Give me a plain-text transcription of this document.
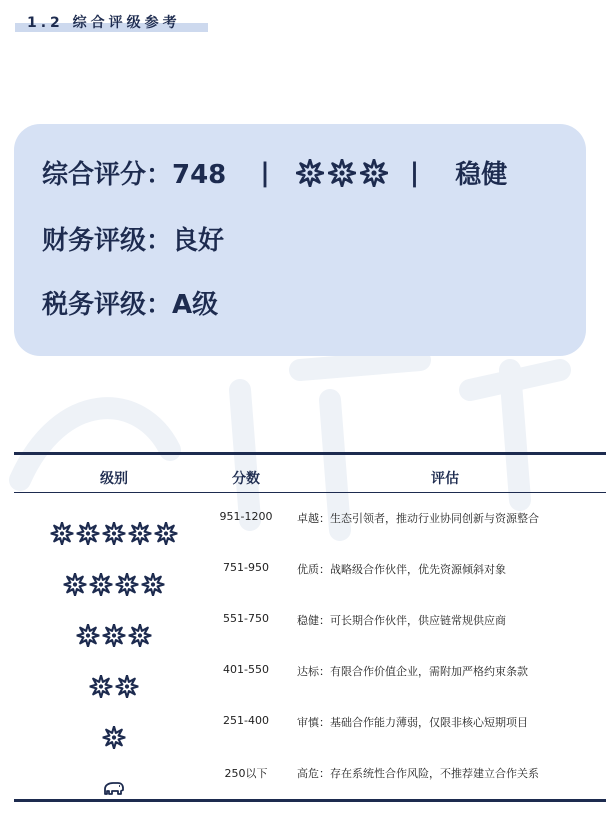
1.2 综合评级参考
综合评分：748 |	| 稳健
财务评级：良好
税务评级：A级
级别	分数	评估
951-1200 卓越：生态引领者，推动行业协同创新与资源整合
751-950	优质：战略级合作伙伴，优先资源倾斜对象
551-750	稳健：可长期合作伙伴，供应链常规供应商
401-550	达标：有限合作价值企业，需附加严格约束条款
251-400	审慎：基础合作能力薄弱，仅限非核心短期项目
250以下	高危：存在系统性合作风险，不推荐建立合作关系
